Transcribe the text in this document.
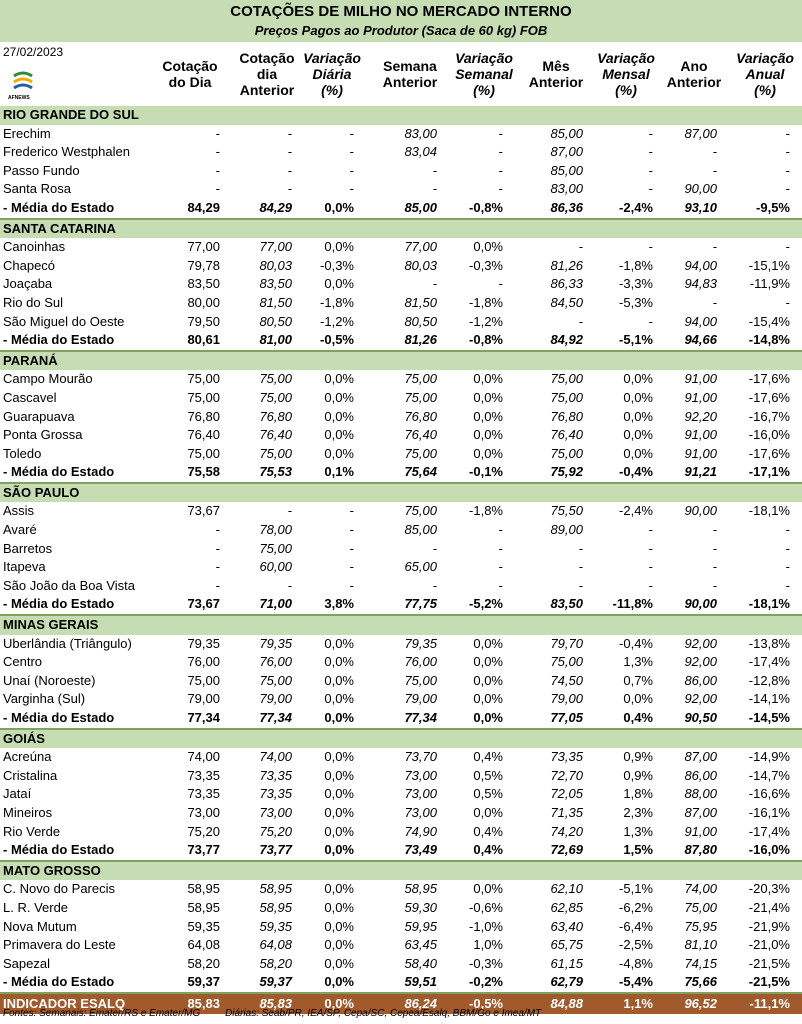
COTAÇÕES DE MILHO NO MERCADO INTERNO
Preços Pagos ao Produtor (Saca de 60 kg) FOB
27/02/2023
AFNEWS
Cotação
do Dia
Cotação
dia
Anterior
Variação
Diária
(%)
Semana
Anterior
Variação
Semanal
(%)
Mês
Anterior
Variação
Mensal
(%)
Ano
Anterior
Variação
Anual
(%)
RIO GRANDE DO SUL
Erechim	-	-	-	83,00	-	85,00	- 87,00	-
Frederico Westphalen	-	-	-	83,04	-	87,00	-	-	-
Passo Fundo	-	-	-	-	-	85,00	-	-	-
Santa Rosa	-	-	-	-	-	83,00	- 90,00	-
- Média do Estado	84,29	84,29 0,0%	85,00 -0,8%	86,36	-2,4% 93,10	-9,5%
SANTA CATARINA
Canoinhas	77,00	77,00 0,0%	77,00	0,0%	-	-	-	-
Chapecó	79,78	80,03 -0,3%	80,03 -0,3%	81,26	-1,8% 94,00 -15,1%
Joaçaba	83,50	83,50 0,0%	-	-	86,33	-3,3% 94,83	-11,9%
Rio do Sul	80,00	81,50 -1,8%	81,50 -1,8%	84,50	-5,3%	-	-
São Miguel do Oeste	79,50	80,50 -1,2%	80,50 -1,2%	-	- 94,00 -15,4%
- Média do Estado	80,61	81,00 -0,5%	81,26 -0,8%	84,92	-5,1% 94,66 -14,8%
PARANÁ
Campo Mourão	75,00	75,00 0,0%	75,00	0,0%	75,00	0,0% 91,00 -17,6%
Cascavel	75,00	75,00 0,0%	75,00	0,0%	75,00	0,0% 91,00 -17,6%
Guarapuava	76,80	76,80 0,0%	76,80	0,0%	76,80	0,0% 92,20 -16,7%
Ponta Grossa	76,40	76,40 0,0%	76,40	0,0%	76,40	0,0% 91,00 -16,0%
Toledo	75,00	75,00 0,0%	75,00	0,0%	75,00	0,0% 91,00 -17,6%
- Média do Estado	75,58	75,53 0,1%	75,64 -0,1%	75,92	-0,4% 91,21 -17,1%
SÃO PAULO
Assis	73,67	-	-	75,00 -1,8%	75,50	-2,4% 90,00 -18,1%
Avaré	-	78,00	-	85,00	-	89,00	-	-	-
Barretos	-	75,00	-	-	-	-	-	-	-
Itapeva	-	60,00	-	65,00	-	-	-	-	-
São João da Boa Vista	-	-	-	-	-	-	-	-	-
- Média do Estado	73,67	71,00 3,8%	77,75 -5,2%	83,50 -11,8% 90,00 -18,1%
MINAS GERAIS
Uberlândia (Triângulo)	79,35	79,35 0,0%	79,35	0,0%	79,70	-0,4% 92,00 -13,8%
Centro	76,00	76,00 0,0%	76,00	0,0%	75,00	1,3% 92,00 -17,4%
Unaí (Noroeste)	75,00	75,00 0,0%	75,00	0,0%	74,50	0,7% 86,00 -12,8%
Varginha (Sul)	79,00	79,00 0,0%	79,00	0,0%	79,00	0,0% 92,00 -14,1%
- Média do Estado	77,34	77,34 0,0%	77,34	0,0%	77,05	0,4% 90,50 -14,5%
GOIÁS
Acreúna	74,00	74,00 0,0%	73,70	0,4%	73,35	0,9% 87,00 -14,9%
Cristalina	73,35	73,35 0,0%	73,00	0,5%	72,70	0,9% 86,00 -14,7%
Jataí	73,35	73,35 0,0%	73,00	0,5%	72,05	1,8% 88,00 -16,6%
Mineiros	73,00	73,00 0,0%	73,00	0,0%	71,35	2,3% 87,00 -16,1%
Rio Verde	75,20	75,20 0,0%	74,90	0,4%	74,20	1,3% 91,00 -17,4%
- Média do Estado	73,77	73,77 0,0%	73,49	0,4%	72,69	1,5% 87,80 -16,0%
MATO GROSSO
C. Novo do Parecis	58,95	58,95 0,0%	58,95	0,0%	62,10	-5,1% 74,00 -20,3%
L. R. Verde	58,95	58,95 0,0%	59,30 -0,6%	62,85	-6,2% 75,00 -21,4%
Nova Mutum	59,35	59,35 0,0%	59,95 -1,0%	63,40	-6,4% 75,95 -21,9%
Primavera do Leste	64,08	64,08 0,0%	63,45	1,0%	65,75	-2,5% 81,10 -21,0%
Sapezal	58,20	58,20 0,0%	58,40 -0,3%	61,15	-4,8% 74,15 -21,5%
- Média do Estado	59,37	59,37 0,0%	59,51 -0,2%	62,79	-5,4% 75,66 -21,5%
INDICADOR ESALQ	85,83	85,83 0,0%	86,24 -0,5%	84,88	1,1% 96,52	-11,1%
Fontes: Semanais: Emater/RS e Emater/MG Diárias: Seab/PR, IEA/SP, Cepa/SC, Cepea/Esalq, BBM/Go e Imea/MT
